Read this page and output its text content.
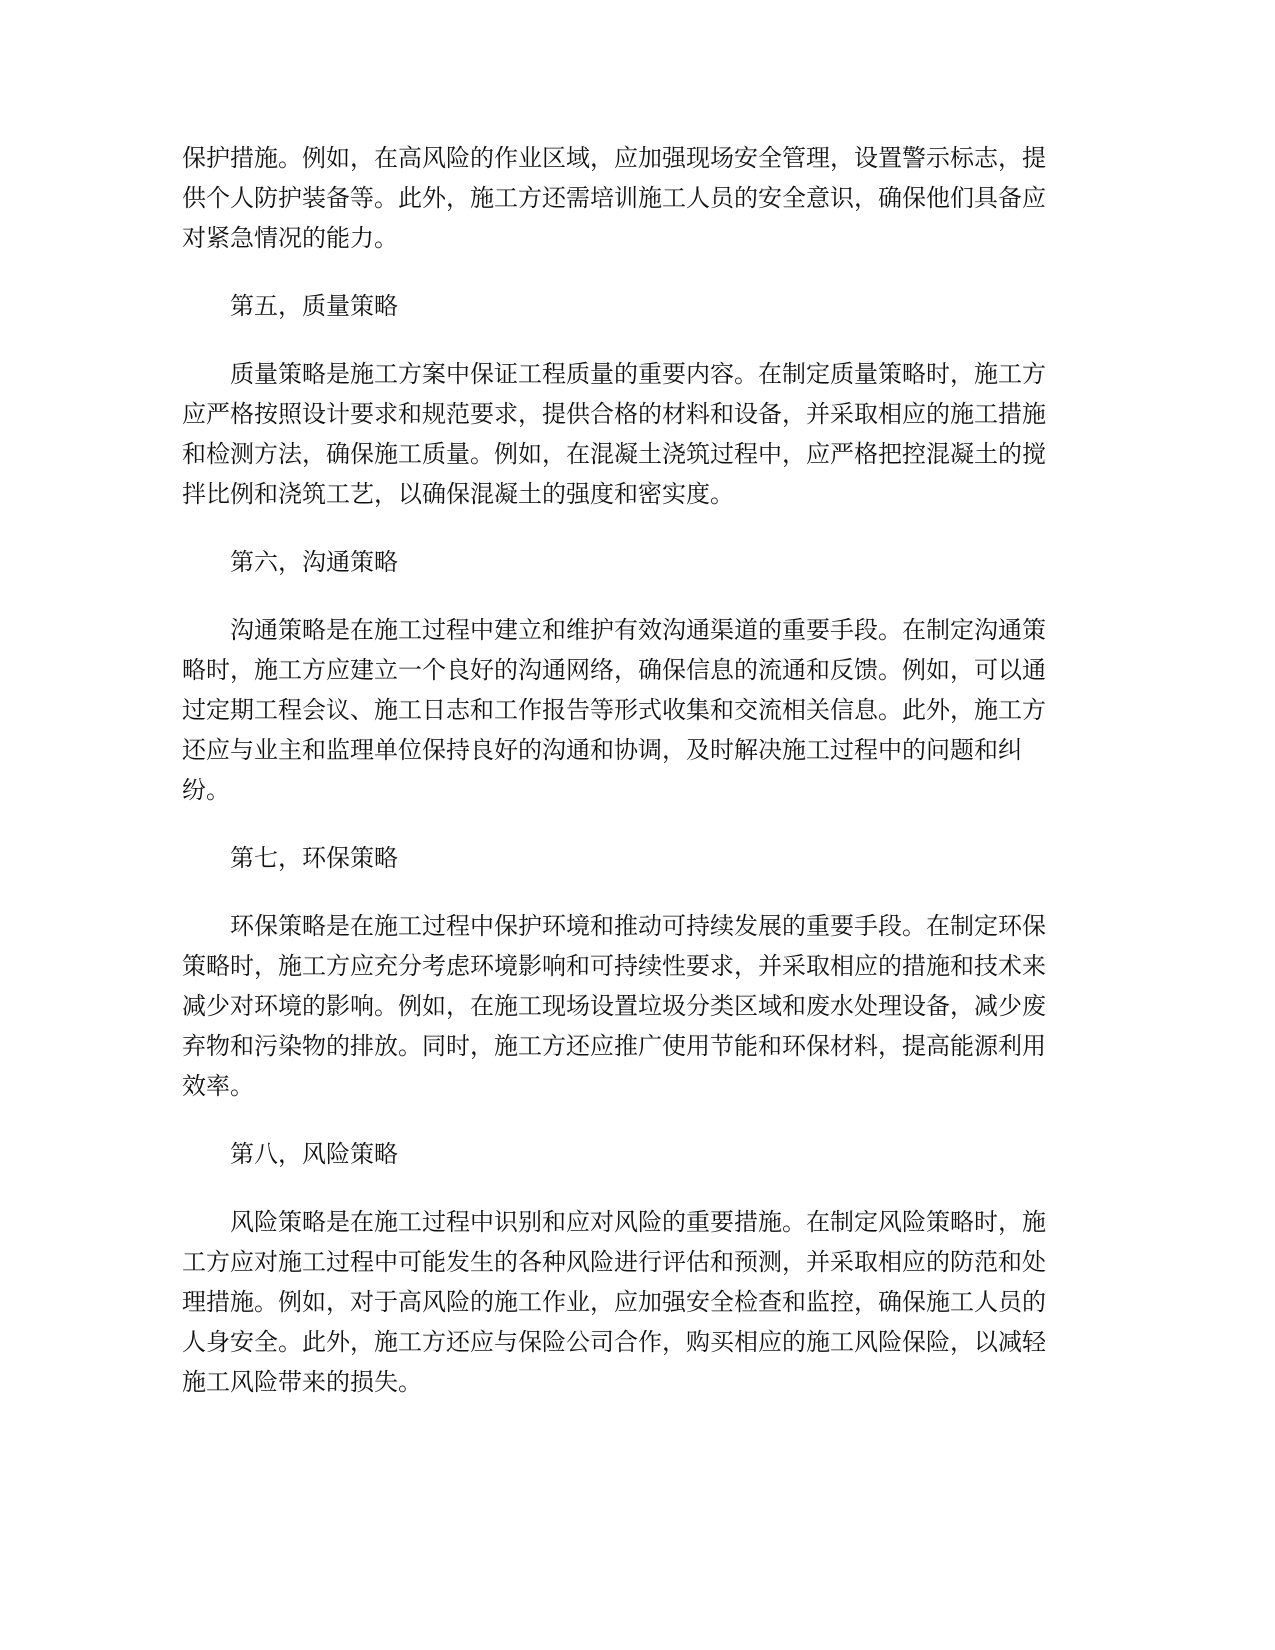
保护措施。例如，在高风险的作业区域，应加强现场安全管理，设置警示标志，提
供个人防护装备等。此外，施工方还需培训施工人员的安全意识，确保他们具备应
对紧急情况的能力。
第五，质量策略
质量策略是施工方案中保证工程质量的重要内容。在制定质量策略时，施工方
应严格按照设计要求和规范要求，提供合格的材料和设备，并采取相应的施工措施
和检测方法，确保施工质量。例如，在混凝土浇筑过程中，应严格把控混凝土的搅
拌比例和浇筑工艺，以确保混凝土的强度和密实度。
第六，沟通策略
沟通策略是在施工过程中建立和维护有效沟通渠道的重要手段。在制定沟通策
略时，施工方应建立一个良好的沟通网络，确保信息的流通和反馈。例如，可以通
过定期工程会议、施工日志和工作报告等形式收集和交流相关信息。此外，施工方
还应与业主和监理单位保持良好的沟通和协调，及时解决施工过程中的问题和纠
纷。
第七，环保策略
环保策略是在施工过程中保护环境和推动可持续发展的重要手段。在制定环保
策略时，施工方应充分考虑环境影响和可持续性要求，并采取相应的措施和技术来
减少对环境的影响。例如，在施工现场设置垃圾分类区域和废水处理设备，减少废
弃物和污染物的排放。同时，施工方还应推广使用节能和环保材料，提高能源利用
效率。
第八，风险策略
风险策略是在施工过程中识别和应对风险的重要措施。在制定风险策略时，施
工方应对施工过程中可能发生的各种风险进行评估和预测，并采取相应的防范和处
理措施。例如，对于高风险的施工作业，应加强安全检查和监控，确保施工人员的
人身安全。此外，施工方还应与保险公司合作，购买相应的施工风险保险，以减轻
施工风险带来的损失。
